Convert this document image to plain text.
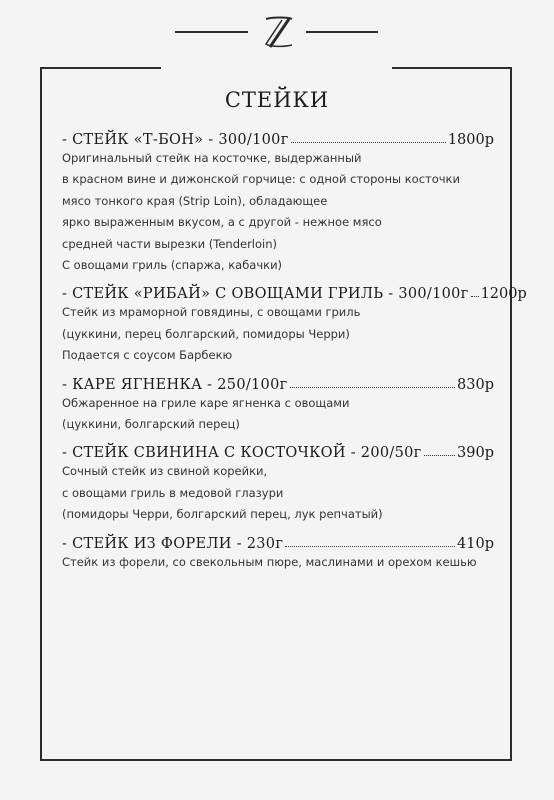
СТЕЙКИ
- СТЕЙК «Т-БОН» - 300/100г	1800р
Оригинальный стейк на косточке, выдержанный
в красном вине и дижонской горчице: с одной стороны косточки
мясо тонкого края (Strip Loin), обладающее
ярко выраженным вкусом, а с другой - нежное мясо
средней части вырезки (Tenderloin)
С овощами гриль (спаржа, кабачки)
- СТЕЙК «РИБАЙ» С ОВОЩАМИ ГРИЛЬ - 300/100г 1200р
Стейк из мраморной говядины, с овощами гриль
(цуккини, перец болгарский, помидоры Черри)
Подается с соусом Барбекю
- КАРЕ ЯГНЕНКА - 250/100г	830р
Обжаренное на гриле каре ягненка с овощами
(цуккини, болгарский перец)
- СТЕЙК СВИНИНА С КОСТОЧКОЙ - 200/50г 390р
Сочный стейк из свиной корейки,
с овощами гриль в медовой глазури
(помидоры Черри, болгарский перец, лук репчатый)
- СТЕЙК ИЗ ФОРЕЛИ - 230г	410р
Стейк из форели, со свекольным пюре, маслинами и орехом кешью
